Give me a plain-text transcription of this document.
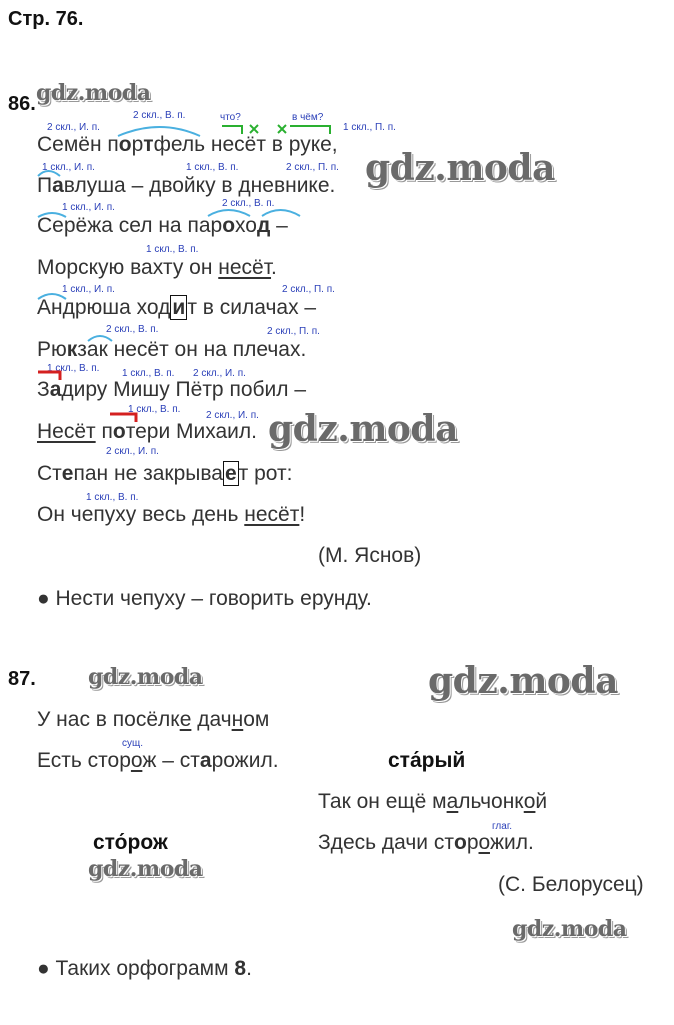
Стр. 76.
86. gdz.moda
gdz.moda
gdz.moda
2 скл., И. п.
2 скл., В. п.	что?	в чём?
1 скл., П. п.
Семён портфель несёт в руке,
1 скл., И. п.	1 скл., В. п.	2 скл., П. п.
Павлуша – двойку в дневнике.
1 скл., И. п.	2 скл., В. п.
Серёжа сел на пароход –
1 скл., В. п.
Морскую вахту он несёт.
1 скл., И. п.	2 скл., П. п.
Андрюша ходит в силачах –
2 скл., В. п.	2 скл., П. п.
Рюкзак несёт он на плечах.
1 скл., В. п. 1 скл., В. п. 2 скл., И. п.
Задиру Мишу Пётр побил –
1 скл., В. п.
2 скл., И. п.
Несёт потери Михаил.
2 скл., И. п.
Степан не закрывает рот:
1 скл., В. п.
Он чепуху весь день несёт!
(М. Яснов)
● Нести чепуху – говорить ерунду.
87. gdz.moda	gdz.moda
У нас в посёлке дачном
сущ.
Есть сторож – старожил.	ста́рый
Так он ещё мальчонкой
сто́рож
глаг.
Здесь дачи сторожил.
gdz.moda
(С. Белорусец)
gdz.moda
● Таких орфограмм 8.
